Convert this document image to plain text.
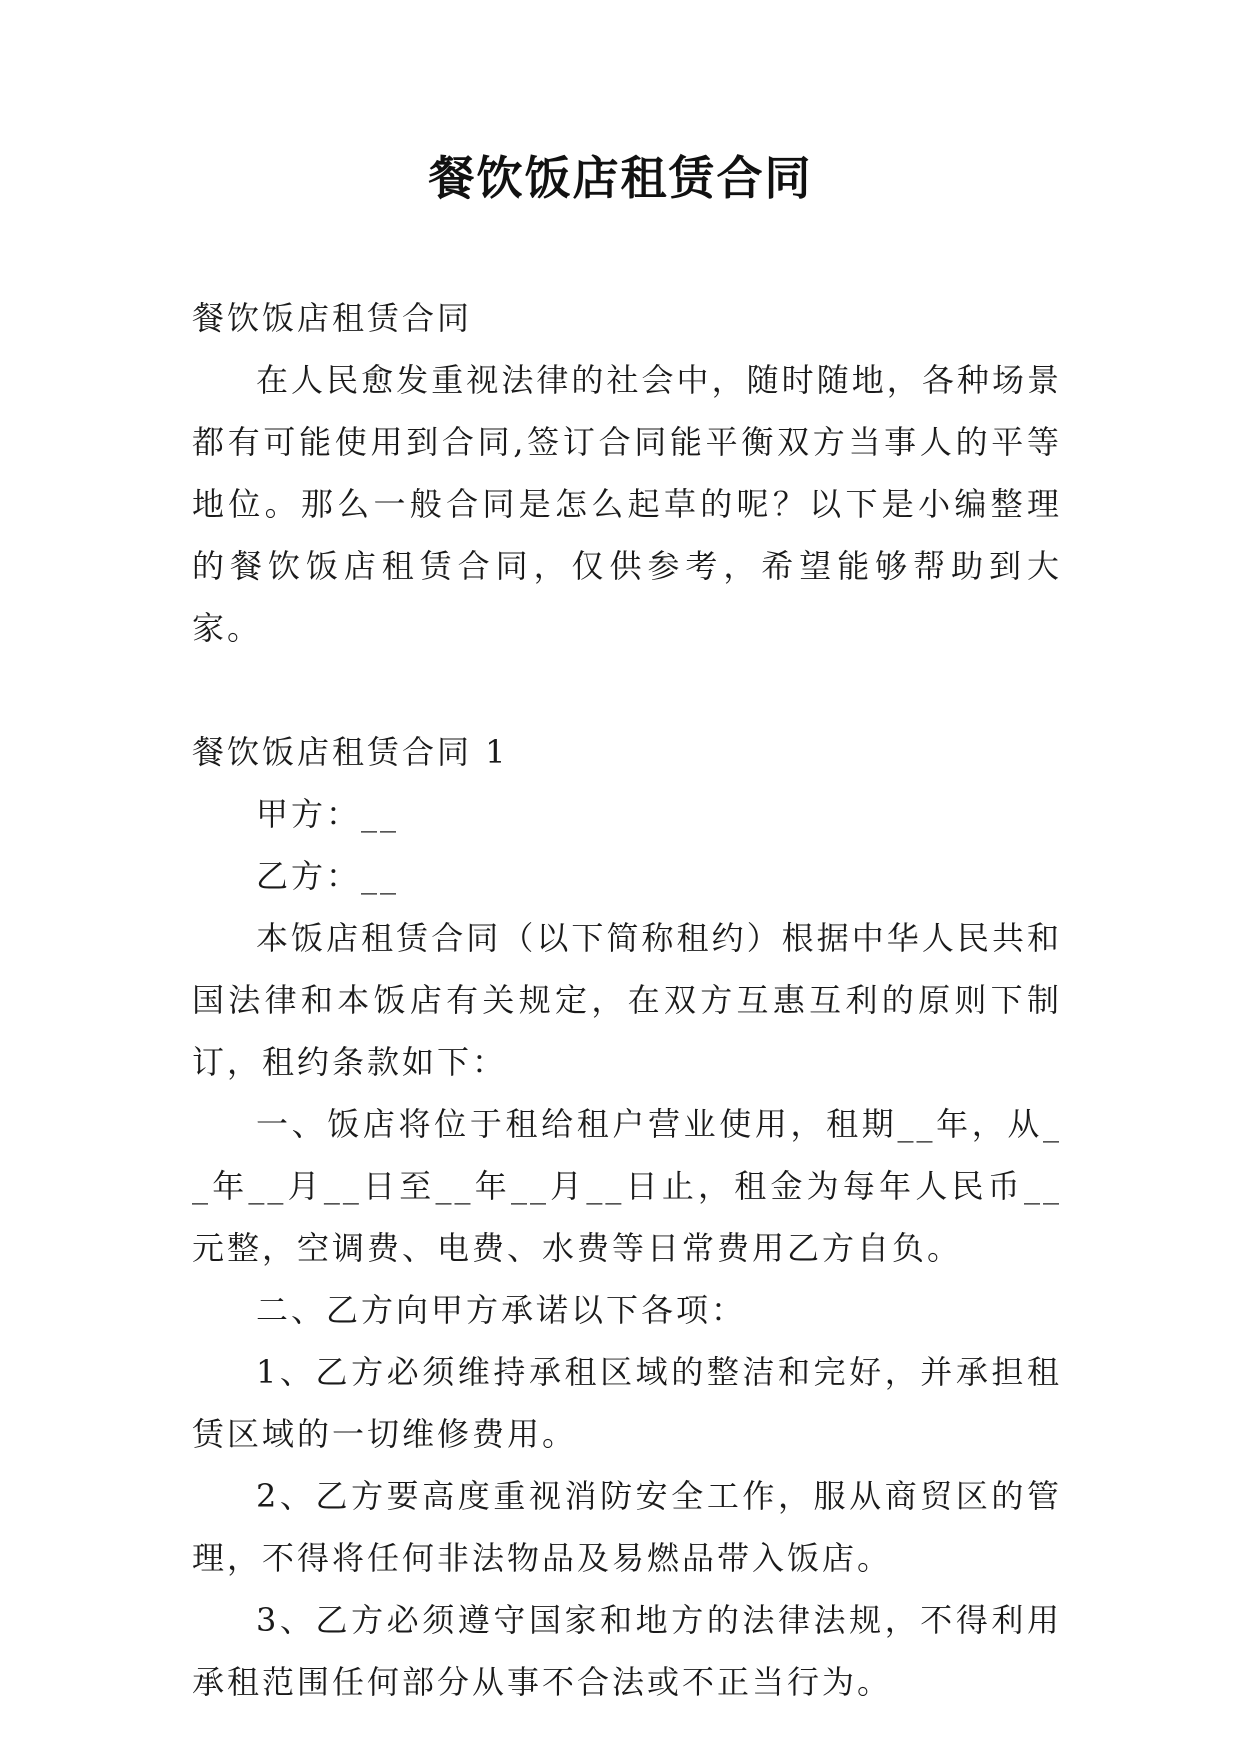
餐饮饭店租赁合同

餐饮饭店租赁合同

在人民愈发重视法律的社会中，随时随地，各种场景都有可能使用到合同,签订合同能平衡双方当事人的平等地位。那么一般合同是怎么起草的呢？以下是小编整理的餐饮饭店租赁合同，仅供参考，希望能够帮助到大家。

餐饮饭店租赁合同 1

甲方：__

乙方：__

本饭店租赁合同（以下简称租约）根据中华人民共和国法律和本饭店有关规定，在双方互惠互利的原则下制订，租约条款如下：

一、饭店将位于租给租户营业使用，租期__年，从__年__月__日至__年__月__日止，租金为每年人民币__元整，空调费、电费、水费等日常费用乙方自负。

二、乙方向甲方承诺以下各项：

1、乙方必须维持承租区域的整洁和完好，并承担租赁区域的一切维修费用。

2、乙方要高度重视消防安全工作，服从商贸区的管理，不得将任何非法物品及易燃品带入饭店。

3、乙方必须遵守国家和地方的法律法规，不得利用承租范围任何部分从事不合法或不正当行为。
